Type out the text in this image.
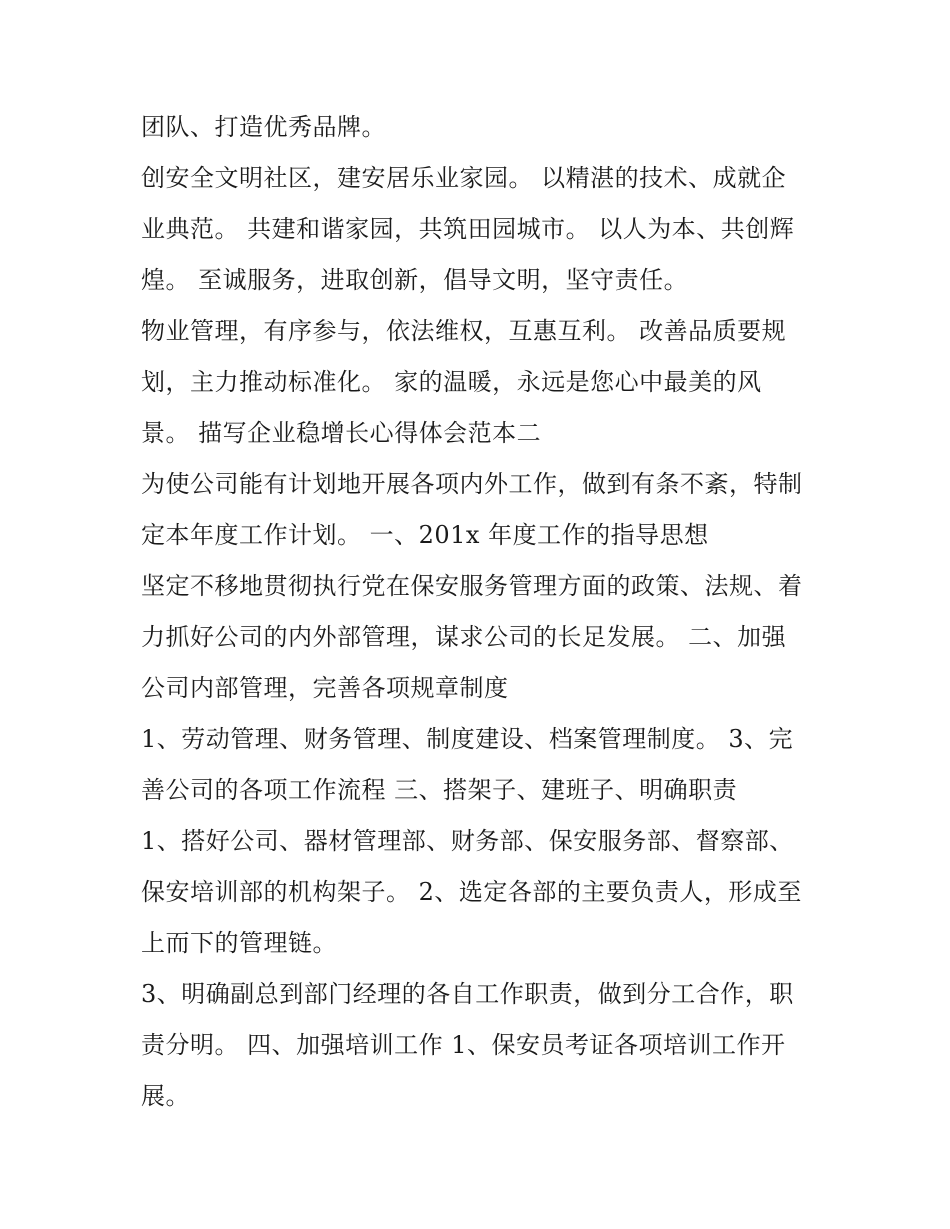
团队、打造优秀品牌。
创安全文明社区，建安居乐业家园。 以精湛的技术、成就企
业典范。 共建和谐家园，共筑田园城市。 以人为本、共创辉
煌。 至诚服务，进取创新，倡导文明，坚守责任。
物业管理，有序参与，依法维权，互惠互利。 改善品质要规
划，主力推动标准化。 家的温暖，永远是您心中最美的风
景。 描写企业稳增长心得体会范本二
为使公司能有计划地开展各项内外工作，做到有条不紊，特制
定本年度工作计划。 一、201x 年度工作的指导思想
坚定不移地贯彻执行党在保安服务管理方面的政策、法规、着
力抓好公司的内外部管理，谋求公司的长足发展。 二、加强
公司内部管理，完善各项规章制度
1、劳动管理、财务管理、制度建设、档案管理制度。 3、完
善公司的各项工作流程 三、搭架子、建班子、明确职责
1、搭好公司、器材管理部、财务部、保安服务部、督察部、
保安培训部的机构架子。 2、选定各部的主要负责人，形成至
上而下的管理链。
3、明确副总到部门经理的各自工作职责，做到分工合作，职
责分明。 四、加强培训工作 1、保安员考证各项培训工作开
展。
